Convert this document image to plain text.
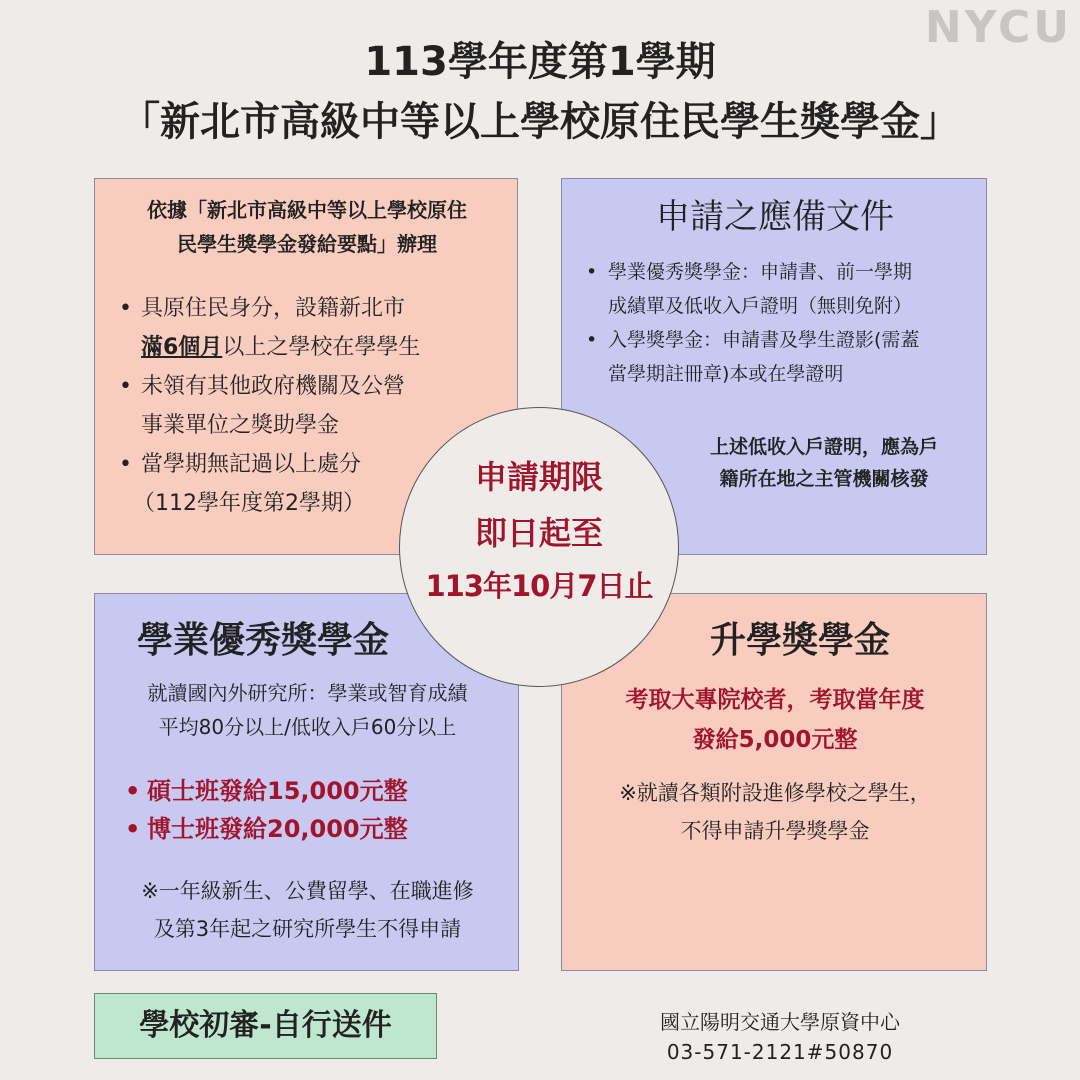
NYCU
113學年度第1學期
「新北市高級中等以上學校原住民學生獎學金」
依據「新北市高級中等以上學校原住
民學生獎學金發給要點」辦理
• 具原住民身分，設籍新北市
滿6個月以上之學校在學學生
• 未領有其他政府機關及公營
事業單位之獎助學金
• 當學期無記過以上處分
（112學年度第2學期）
申請之應備文件
• 學業優秀獎學金：申請書、前一學期
成績單及低收入戶證明（無則免附）
• 入學獎學金：申請書及學生證影(需蓋
當學期註冊章)本或在學證明
上述低收入戶證明，應為戶
籍所在地之主管機關核發
學業優秀獎學金
就讀國內外研究所：學業或智育成績
平均80分以上/低收入戶60分以上
• 碩士班發給15,000元整
• 博士班發給20,000元整
※一年級新生、公費留學、在職進修
及第3年起之研究所學生不得申請
升學獎學金
考取大專院校者，考取當年度
發給5,000元整
※就讀各類附設進修學校之學生，
不得申請升學獎學金
申請期限
即日起至
113年10月7日止
學校初審-自行送件	國立陽明交通大學原資中心
03-571-2121#50870
